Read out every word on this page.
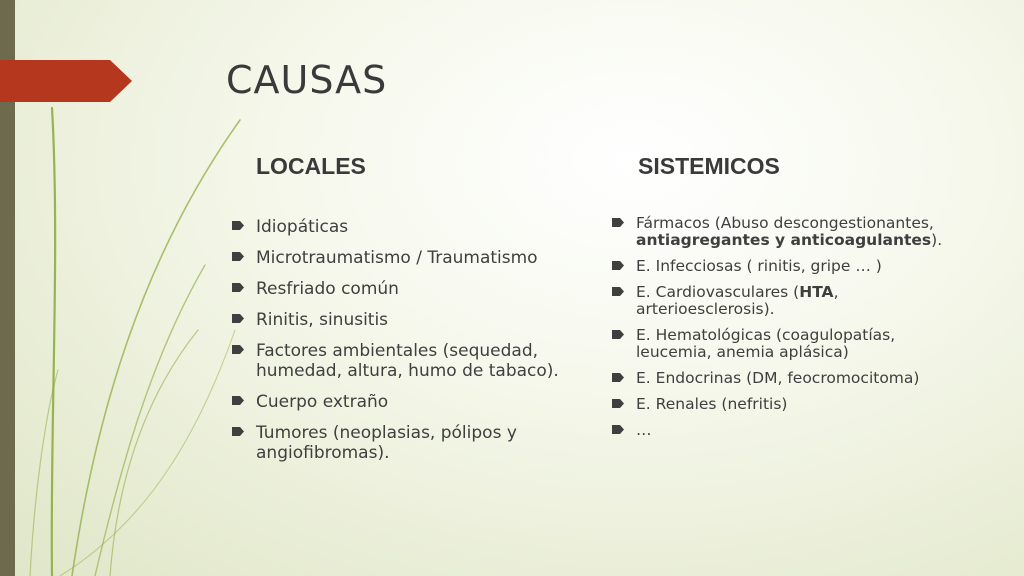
CAUSAS
LOCALES	SISTEMICOS
Idiopáticas
Microtraumatismo / Traumatismo
Resfriado común
Rinitis, sinusitis
Factores ambientales (sequedad, humedad, altura, humo de tabaco).
Cuerpo extraño
Tumores (neoplasias, pólipos y angiofibromas).
Fármacos (Abuso descongestionantes, antiagregantes y anticoagulantes).
E. Infecciosas ( rinitis, gripe … )
E. Cardiovasculares (HTA, arterioesclerosis).
E. Hematológicas (coagulopatías, leucemia, anemia aplásica)
E. Endocrinas (DM, feocromocitoma)
E. Renales (nefritis)
…
